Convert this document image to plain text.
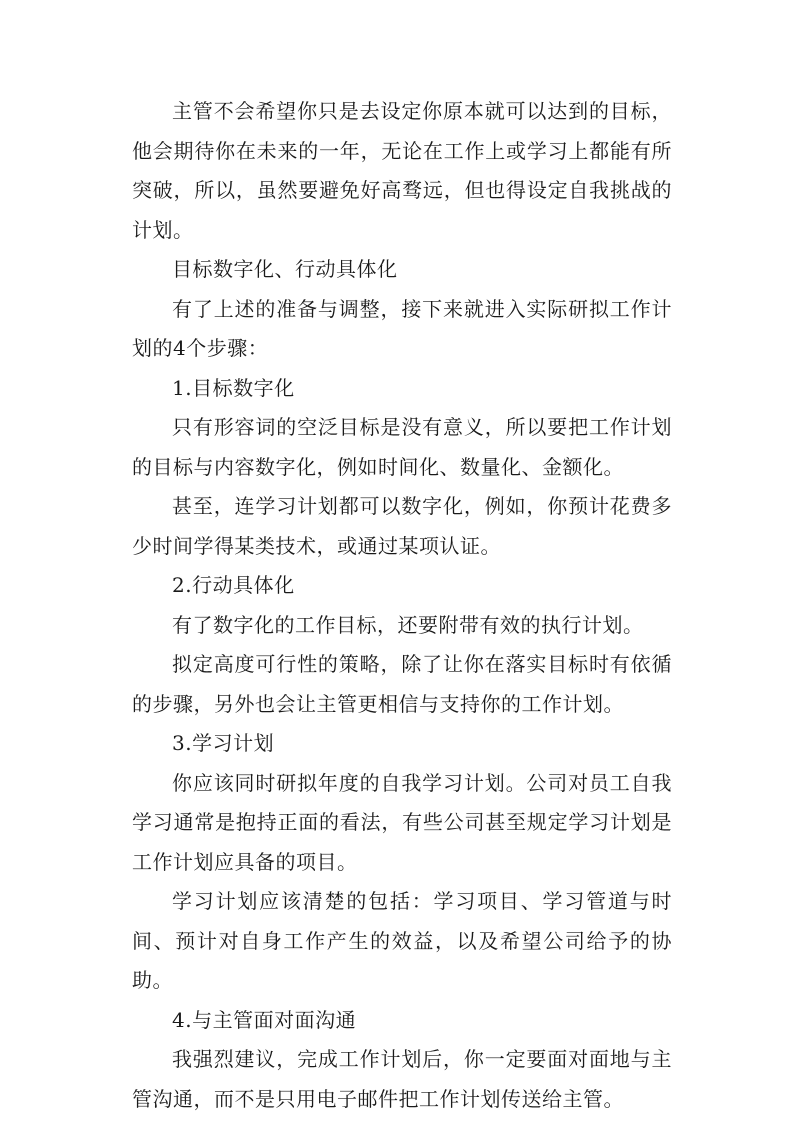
主管不会希望你只是去设定你原本就可以达到的目标，他会期待你在未来的一年，无论在工作上或学习上都能有所突破，所以，虽然要避免好高骛远，但也得设定自我挑战的计划。

目标数字化、行动具体化

有了上述的准备与调整，接下来就进入实际研拟工作计划的4个步骤：

1.目标数字化

只有形容词的空泛目标是没有意义，所以要把工作计划的目标与内容数字化，例如时间化、数量化、金额化。

甚至，连学习计划都可以数字化，例如，你预计花费多少时间学得某类技术，或通过某项认证。

2.行动具体化

有了数字化的工作目标，还要附带有效的执行计划。

拟定高度可行性的策略，除了让你在落实目标时有依循的步骤，另外也会让主管更相信与支持你的工作计划。

3.学习计划

你应该同时研拟年度的自我学习计划。公司对员工自我学习通常是抱持正面的看法，有些公司甚至规定学习计划是工作计划应具备的项目。

学习计划应该清楚的包括：学习项目、学习管道与时间、预计对自身工作产生的效益，以及希望公司给予的协助。

4.与主管面对面沟通

我强烈建议，完成工作计划后，你一定要面对面地与主管沟通，而不是只用电子邮件把工作计划传送给主管。
